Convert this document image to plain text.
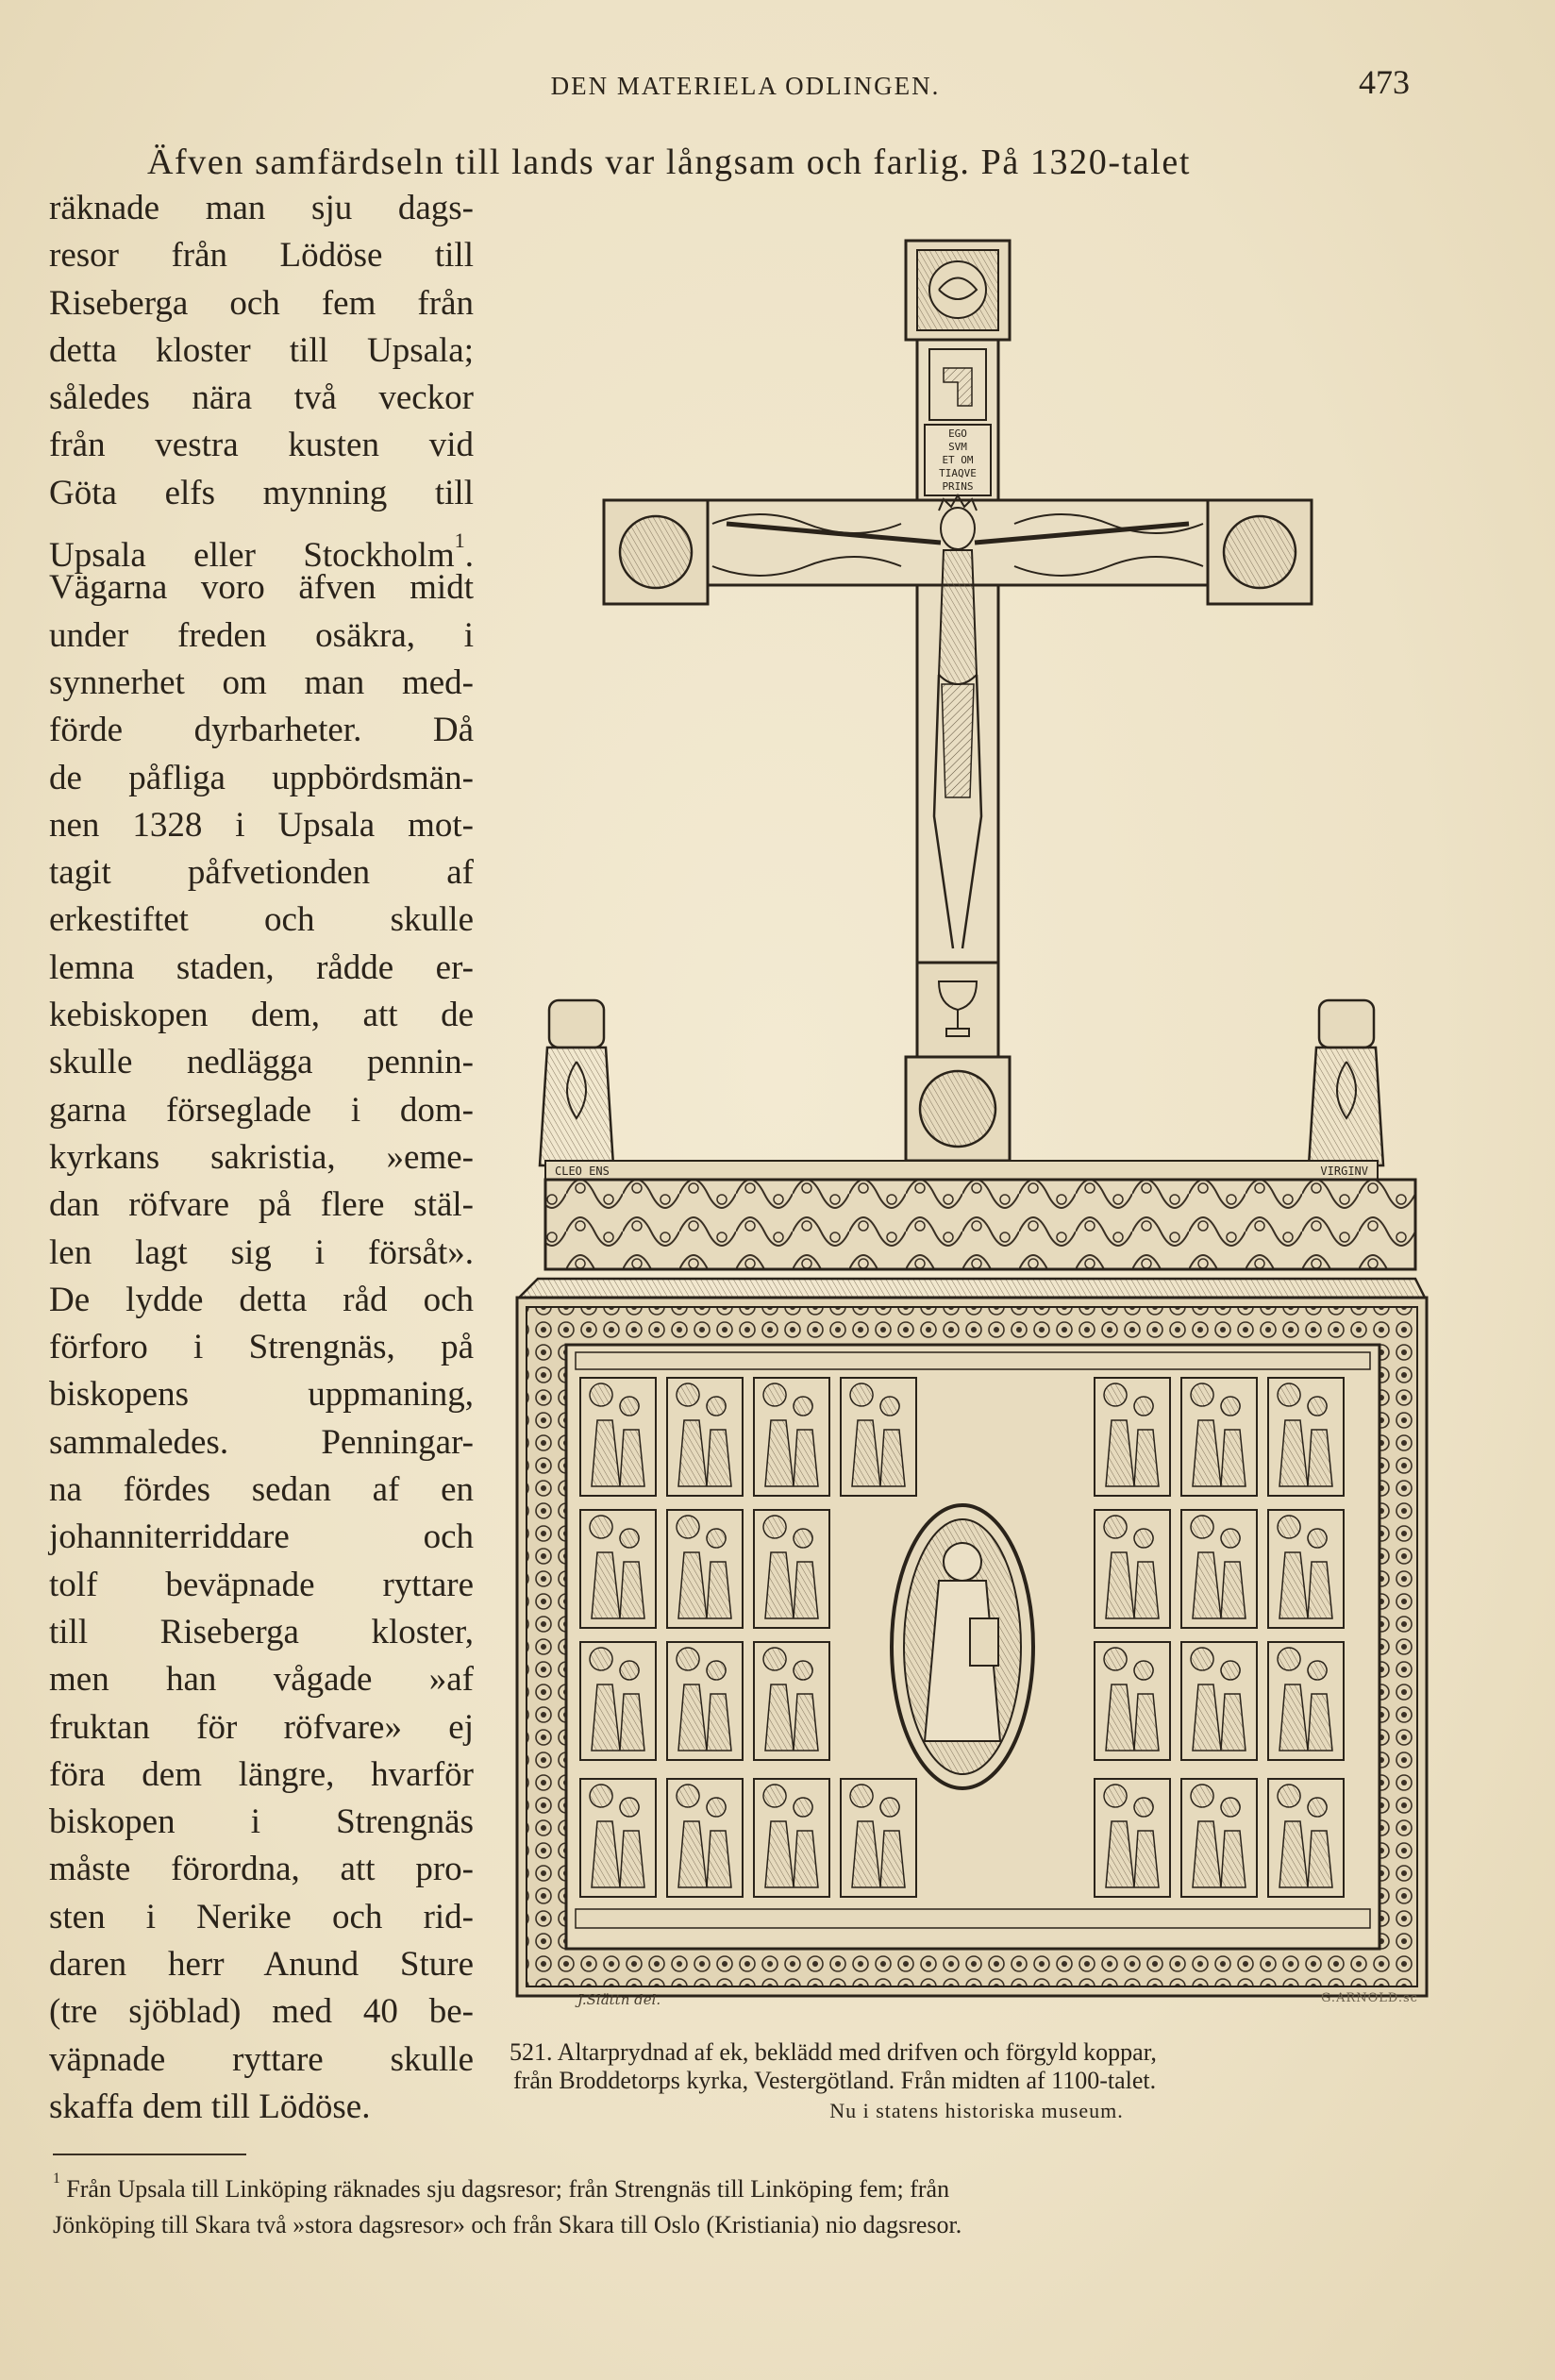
DEN MATERIELA ODLINGEN.	473
Äfven samfärdseln till lands var långsam och farlig. På 1320-talet
räknade man sju dags-
resor från Lödöse till
Riseberga och fem från
detta kloster till Upsala;
således nära två veckor
från vestra kusten vid
Göta elfs mynning till
Upsala eller Stockholm$^1$.
Vägarna voro äfven midt
under freden osäkra, i
synnerhet om man med-
förde dyrbarheter. Då
de påfliga uppbördsmän-
nen 1328 i Upsala mot-
tagit påfvetionden af
erkestiftet och skulle
lemna staden, rådde er-
kebiskopen dem, att de
skulle nedlägga pennin-
garna förseglade i dom-
kyrkans sakristia, »eme-
dan röfvare på flere stäl-
len lagt sig i försåt».
De lydde detta råd och
förforo i Strengnäs, på
biskopens uppmaning,
sammaledes. Penningar-
na fördes sedan af en
johanniterriddare och
tolf beväpnade ryttare
till Riseberga kloster,
men han vågade »af
fruktan för röfvare» ej
föra dem längre, hvarför
biskopen i Strengnäs
måste förordna, att pro-
sten i Nerike och rid-
daren herr Anund Sture
(tre sjöblad) med 40 be-
väpnade ryttare skulle
skaffa dem till Lödöse.
EGO SVM ET OM TIAQVE PRINS
CLEO ENS	VIRGINV
J.Slättn del.	G.ARNOLD.sc
521. Altarprydnad af ek, beklädd med drifven och förgyld koppar,
från Broddetorps kyrka, Vestergötland. Från midten af 1100-talet.
Nu i statens historiska museum.
$^1$ Från Upsala till Linköping räknades sju dagsresor; från Strengnäs till Linköping fem; från
Jönköping till Skara två »stora dagsresor» och från Skara till Oslo (Kristiania) nio dagsresor.
